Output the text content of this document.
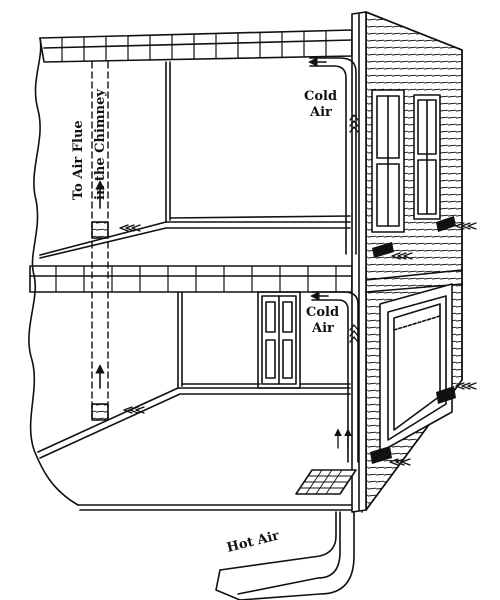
To Air Flue in the Chimney	Cold
Air
Cold
Air
Hot Air
